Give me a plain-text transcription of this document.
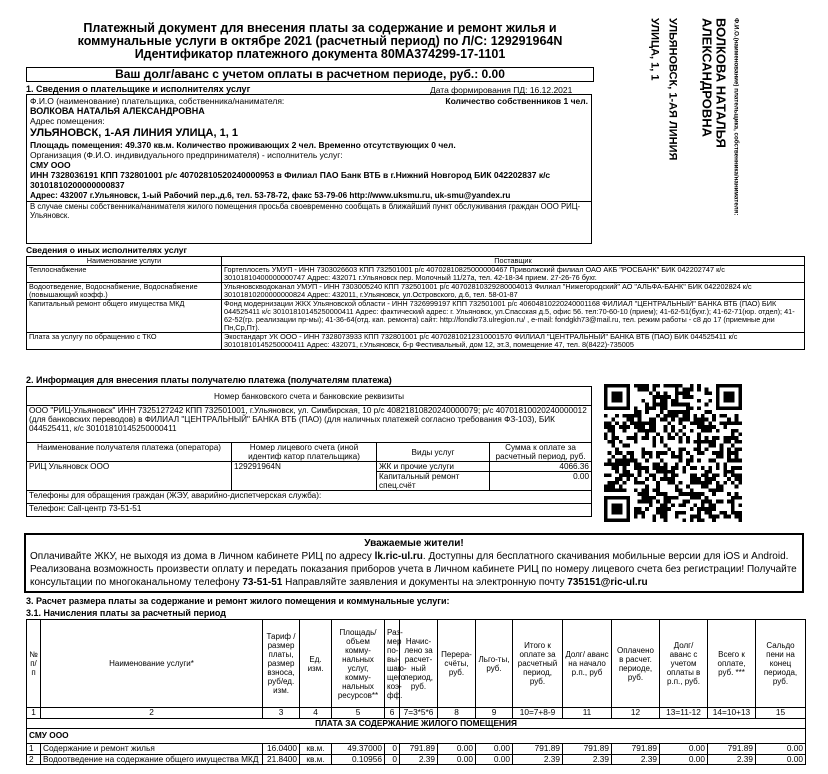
Платежный документ для внесения платы за содержание и ремонт жилья и
коммунальные услуги в октябре 2021 (расчетный период) по Л/С: 129291964N
Идентификатор платежного документа 80МА374299-17-1101
Ваш долг/аванс с учетом оплаты в расчетном периоде, руб.: 0.00	Ф.И.О.(наименование) плательщика, собственника/нанимателя:
ВОЛКОВА НАТАЛЬЯ АЛЕКСАНДРОВНА
УЛЬЯНОВСК, 1-АЯ ЛИНИЯ
УЛИЦА, 1, 1
1. Сведения о плательщике и исполнителях услуг	Дата формирования ПД: 16.12.2021
Ф.И.О (наименование) плательщика, собственника/нанимателя:	Количество собственников 1 чел.
ВОЛКОВА НАТАЛЬЯ АЛЕКСАНДРОВНА
Адрес помещения:
УЛЬЯНОВСК, 1-АЯ ЛИНИЯ УЛИЦА, 1, 1
Площадь помещения: 49.370 кв.м. Количество проживающих 2 чел. Временно отсутствующих 0 чел.
Организация (Ф.И.О. индивидуального предпринимателя) - исполнитель услуг:
СМУ ООО
ИНН 7328036191 КПП 732801001 р/с 40702810520240000953 в Филиал ПАО Банк ВТБ в г.Нижний Новгород БИК 042202837 к/с 30101810200000000837
Адрес: 432007 г.Ульяновск, 1-ый Рабочий пер.,д.6, тел. 53-78-72, факс 53-79-06 http://www.uksmu.ru, uk-smu@yandex.ru
В случае смены собственника/нанимателя жилого помещения просьба своевременно сообщать в ближайший пункт обслуживания граждан ООО РИЦ-Ульяновск.
Сведения о иных исполнителях услуг
Наименование услуги	Поставщик
Теплоснабжение	Гортеплосеть УМУП - ИНН 7303026603 КПП 732501001 р/с 40702810825000000467 Приволжский филиал ОАО АКБ "РОСБАНК" БИК 042202747 к/с 30101810400000000747 Адрес: 432071 г.Ульяновск пер. Молочный 11/27а, тел. 42-18-34 прием. 27-26-76 бухг.
Водоотведение, Водоснабжение, Водоснабжение (повышающий коэфф.)	Ульяновскводоканал УМУП - ИНН 7303005240 КПП 732501001 р/с 40702810329280004013 Филиал "Нижегородский" АО "АЛЬФА-БАНК" БИК 042202824 к/с 30101810200000000824 Адрес: 432011, г.Ульяновск, ул.Островского, д.6, тел. 58-01-87
Капитальный ремонт общего имущества МКД	Фонд модернизации ЖКХ Ульяновской области - ИНН 7326999197 КПП 732501001 р/с 40604810220240001168 ФИЛИАЛ "ЦЕНТРАЛЬНЫЙ" БАНКА ВТБ (ПАО) БИК 044525411 к/с 30101810145250000411 Адрес: фактический адрес: г. Ульяновск, ул.Спасская д.5, офис 56. тел:70-60-10 (прием); 41-62-51(бухг.); 41-62-71(юр. отдел); 41-62-52(гр. реализации пр-мы); 41-36-64(отд. кап. ремонта) сайт: http://fondkr73.ulregion.ru/ , e-mail: fondgkh73@mail.ru, тел. режим работы - с8 до 17 (приемные дни Пн,Ср,Пт).
Плата за услугу по обращению с ТКО	Экостандарт УК ООО - ИНН 7328073933 КПП 732801001 р/с 40702810212310001570 ФИЛИАЛ "ЦЕНТРАЛЬНЫЙ" БАНКА ВТБ (ПАО) БИК 044525411 к/с 30101810145250000411 Адрес: 432071, г.Ульяновск, б-р Фестивальный, дом 12, эт.3, помещение 47, тел. 8(8422)-735005
2. Информация для внесения платы получателю платежа (получателям платежа)
Номер банковского счета и банковские реквизиты			
ООО "РИЦ-Ульяновск" ИНН 7325127242 КПП 732501001, г.Ульяновск, ул. Симбирская, 10 р/с 40821810820240000079; р/с 40701810020240000012 (для банковских переводов) в ФИЛИАЛ "ЦЕНТРАЛЬНЫЙ" БАНКА ВТБ (ПАО) (для наличных платежей согласно требования ФЗ-103), БИК 044525411, к/с 30101810145250000411			
Наименование получателя платежа (оператора)	Номер лицевого счета (иной идентиф катор плательщика)	Виды услуг	Сумма к оплате за расчетный период, руб.
РИЦ Ульяновск ООО	129291964N	ЖК и прочие услуги	4066.36
		Капитальный ремонт спец.счёт	0.00
Телефоны для обращения граждан (ЖЭУ, аварийно-диспетчерская служба):			
Телефон: Call-центр 73-51-51			
Уважаемые жители!
Оплачивайте ЖКУ, не выходя из дома в Личном кабинете РИЦ по адресу lk.ric-ul.ru. Доступны для бесплатного скачивания мобильные версии для iOS и Android. Реализована возможность произвести оплату и передать показания приборов учета в Личном кабинете РИЦ по номеру лицевого счета без регистрации! Получайте консультации по многоканальному телефону 73-51-51 Направляйте заявления и документы на электронную почту 735151@ric-ul.ru
3. Расчет размера платы за содержание и ремонт жилого помещения и коммунальные услуги:
3.1. Начисления платы за расчетный период
№ п/п	Наименование услуги*	Тариф / размер платы, размер взноса, руб/ед. изм.	Ед. изм.	Площадь/ объем комму-нальных услуг, комму-нальных ресурсов**	Раз-мер по-вы-шаю-щего коэ-фф.	Начис-лено за расчет-ный период, руб.	Перера-счёты, руб.	Льго-ты, руб.	Итого к оплате за расчетный период, руб.	Долг/ аванс на начало р.п., руб	Оплачено в расчет. периоде, руб.	Долг/ аванс с учетом оплаты в р.п., руб.	Всего к оплате, руб. ***	Сальдо пени на конец периода, руб.
1	2	3	4	5	6	7=3*5*6	8	9	10=7+8-9	11	12	13=11-12	14=10+13	15
ПЛАТА ЗА СОДЕРЖАНИЕ ЖИЛОГО ПОМЕЩЕНИЯ														
СМУ ООО														
1	Содержание и ремонт жилья	16.0400	кв.м.	49.37000	0	791.89	0.00	0.00	791.89	791.89	791.89	0.00	791.89	0.00
2	Водоотведение на содержание общего имущества МКД	21.8400	кв.м.	0.10956	0	2.39	0.00	0.00	2.39	2.39	2.39	0.00	2.39	0.00
